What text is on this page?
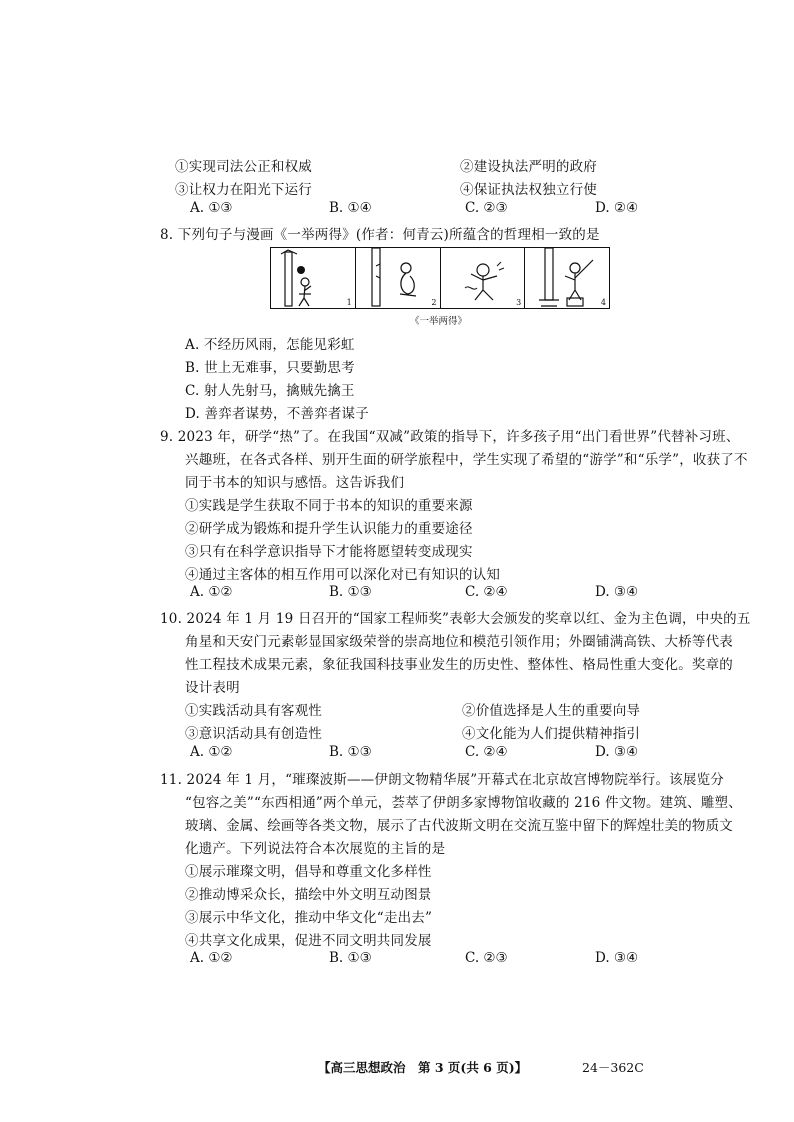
①实现司法公正和权威	②建设执法严明的政府
③让权力在阳光下运行	④保证执法权独立行使
A. ①③	B. ①④	C. ②③	D. ②④
8. 下列句子与漫画《一举两得》(作者：何青云)所蕴含的哲理相一致的是
1	2	3	4
《一举两得》
A. 不经历风雨，怎能见彩虹
B. 世上无难事，只要勤思考
C. 射人先射马，擒贼先擒王
D. 善弈者谋势，不善弈者谋子
9. 2023 年，研学“热”了。在我国“双减”政策的指导下，许多孩子用“出门看世界”代替补习班、
兴趣班，在各式各样、别开生面的研学旅程中，学生实现了希望的“游学”和“乐学”，收获了不
同于书本的知识与感悟。这告诉我们
①实践是学生获取不同于书本的知识的重要来源
②研学成为锻炼和提升学生认识能力的重要途径
③只有在科学意识指导下才能将愿望转变成现实
④通过主客体的相互作用可以深化对已有知识的认知
A. ①②	B. ①③	C. ②④	D. ③④
10. 2024 年 1 月 19 日召开的“国家工程师奖”表彰大会颁发的奖章以红、金为主色调，中央的五
角星和天安门元素彰显国家级荣誉的崇高地位和模范引领作用；外圈铺满高铁、大桥等代表
性工程技术成果元素，象征我国科技事业发生的历史性、整体性、格局性重大变化。奖章的
设计表明
①实践活动具有客观性	②价值选择是人生的重要向导
③意识活动具有创造性	④文化能为人们提供精神指引
A. ①②	B. ①③	C. ②④	D. ③④
11. 2024 年 1 月，“璀璨波斯——伊朗文物精华展”开幕式在北京故宫博物院举行。该展览分
“包容之美”“东西相通”两个单元，荟萃了伊朗多家博物馆收藏的 216 件文物。建筑、雕塑、
玻璃、金属、绘画等各类文物，展示了古代波斯文明在交流互鉴中留下的辉煌壮美的物质文
化遗产。下列说法符合本次展览的主旨的是
①展示璀璨文明，倡导和尊重文化多样性
②推动博采众长，描绘中外文明互动图景
③展示中华文化，推动中华文化“走出去”
④共享文化成果，促进不同文明共同发展
A. ①②	B. ①③	C. ②③	D. ③④
【高三思想政治　第 3 页(共 6 页)】	24－362C
